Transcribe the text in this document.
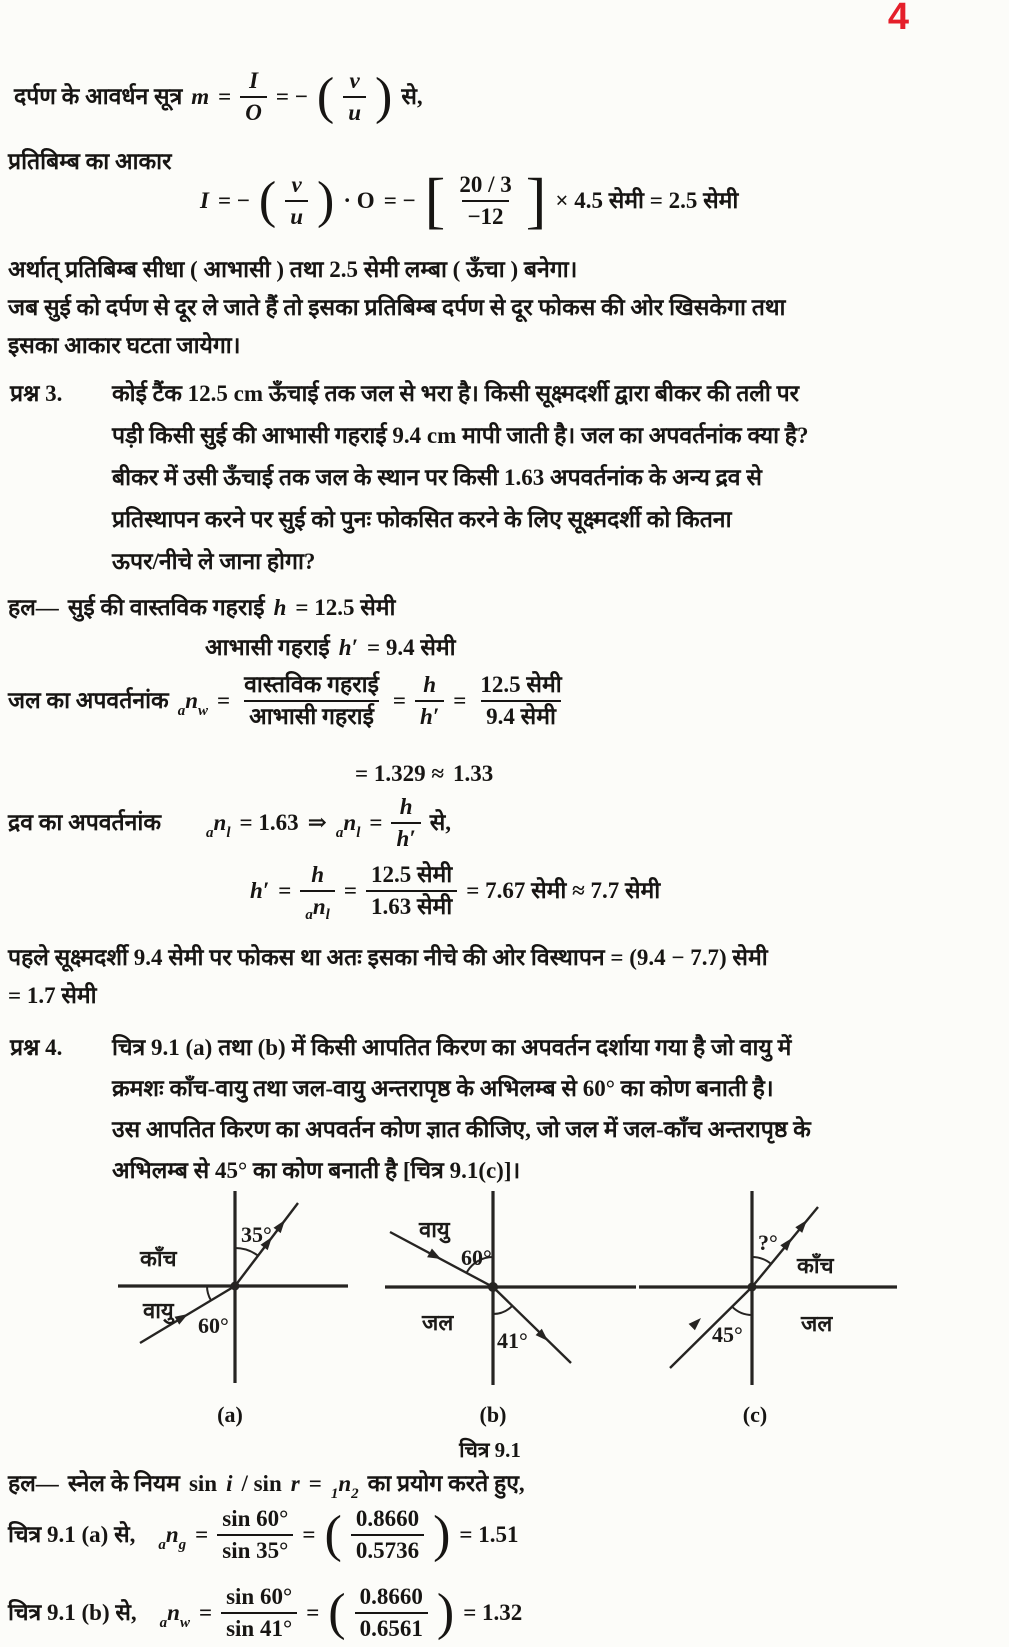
4
दर्पण के आवर्धन सूत्र $m = \frac{I}{O}$ = − ( $\frac{v}{u}$ ) से,
प्रतिबिम्ब का आकार
I = − ( $\frac{v}{u}$ ) · O = − [ $\frac{20 / 3}{-12}$ ] × 4.5 सेमी = 2.5 सेमी
अर्थात् प्रतिबिम्ब सीधा ( आभासी ) तथा 2.5 सेमी लम्बा ( ऊँचा ) बनेगा।
जब सुई को दर्पण से दूर ले जाते हैं तो इसका प्रतिबिम्ब दर्पण से दूर फोकस की ओर खिसकेगा तथा
इसका आकार घटता जायेगा।
प्रश्न 3. कोई टैंक 12.5 cm ऊँचाई तक जल से भरा है। किसी सूक्ष्मदर्शी द्वारा बीकर की तली पर
पड़ी किसी सुई की आभासी गहराई 9.4 cm मापी जाती है। जल का अपवर्तनांक क्या है?
बीकर में उसी ऊँचाई तक जल के स्थान पर किसी 1.63 अपवर्तनांक के अन्य द्रव से
प्रतिस्थापन करने पर सुई को पुनः फोकसित करने के लिए सूक्ष्मदर्शी को कितना
ऊपर/नीचे ले जाना होगा?
हल— सुई की वास्तविक गहराई h = 12.5 सेमी
आभासी गहराई h′ = 9.4 सेमी
जल का अपवर्तनांक $_an_w = \frac{\text{वास्तविक गहराई}}{\text{आभासी गहराई}} = \frac{h}{h'} = \frac{\text{12.5 सेमी}}{\text{9.4 सेमी}}$
= 1.329 ≈ 1.33
द्रव का अपवर्तनांक	$_an_l = 1.63$ ⇒ $_an_l = \frac{h}{h'}$ से,
$h' = \frac{h}{_an_l} = \frac{\text{12.5 सेमी}}{\text{1.63 सेमी}} = 7.67$ सेमी ≈ 7.7 सेमी
पहले सूक्ष्मदर्शी 9.4 सेमी पर फोकस था अतः इसका नीचे की ओर विस्थापन = (9.4 − 7.7) सेमी
= 1.7 सेमी
प्रश्न 4. चित्र 9.1 (a) तथा (b) में किसी आपतित किरण का अपवर्तन दर्शाया गया है जो वायु में
क्रमशः काँच-वायु तथा जल-वायु अन्तरापृष्ठ के अभिलम्ब से 60° का कोण बनाती है।
उस आपतित किरण का अपवर्तन कोण ज्ञात कीजिए, जो जल में जल-काँच अन्तरापृष्ठ के
अभिलम्ब से 45° का कोण बनाती है [चित्र 9.1(c)]।
काँच
वायु
35°
60°
वायु
60°
जल
41°
?°
काँच
जल
45°
(a)	(b)	(c)
चित्र 9.1
हल— स्नेल के नियम $\sin i / \sin r = _1n_2$ का प्रयोग करते हुए,
चित्र 9.1 (a) से, $_an_g = \frac{\sin 60^\circ}{\sin 35^\circ}$ = ( $\frac{0.8660}{0.5736}$ ) = 1.51
चित्र 9.1 (b) से, $_an_w = \frac{\sin 60^\circ}{\sin 41^\circ}$ = ( $\frac{0.8660}{0.6561}$ ) = 1.32
